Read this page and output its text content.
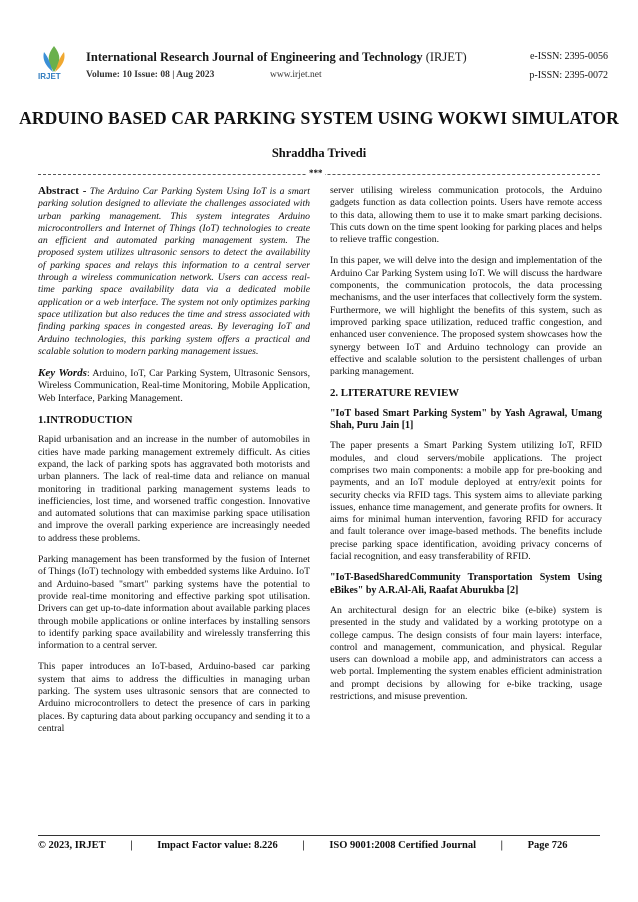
IRJET
International Research Journal of Engineering and Technology (IRJET)
Volume: 10 Issue: 08 | Aug 2023	www.irjet.net
e-ISSN: 2395-0056
p-ISSN: 2395-0072
ARDUINO BASED CAR PARKING SYSTEM USING WOKWI SIMULATOR
Shraddha Trivedi
***

Abstract - The Arduino Car Parking System Using IoT is a smart parking solution designed to alleviate the challenges associated with urban parking management. This system integrates Arduino microcontrollers and Internet of Things (IoT) technologies to create an efficient and automated parking management system. The proposed system utilizes ultrasonic sensors to detect the availability of parking spaces and relays this information to a central server through a wireless communication network. Users can access real-time parking space availability data via a dedicated mobile application or a web interface. The system not only optimizes parking space utilization but also reduces the time and stress associated with finding parking spaces in congested areas. By leveraging IoT and Arduino technologies, this parking system offers a practical and scalable solution to modern parking management issues.

Key Words: Arduino, IoT, Car Parking System, Ultrasonic Sensors, Wireless Communication, Real-time Monitoring, Mobile Application, Web Interface, Parking Management.

1.INTRODUCTION

Rapid urbanisation and an increase in the number of automobiles in cities have made parking management extremely difficult. As cities expand, the lack of parking spots has aggravated both motorists and urban planners. The lack of real-time data and reliance on manual monitoring in traditional parking management systems leads to inefficiencies, lost time, and worsened traffic congestion. Innovative and automated solutions that can maximise parking space utilisation and improve the overall parking experience are increasingly needed to address these problems.

Parking management has been transformed by the fusion of Internet of Things (IoT) technology with embedded systems like Arduino. IoT and Arduino-based "smart" parking systems have the potential to provide real-time monitoring and effective parking spot utilisation. Drivers can get up-to-date information about available parking places through mobile applications or online interfaces by installing sensors to identify parking space availability and wirelessly transferring this information to a central server.

This paper introduces an IoT-based, Arduino-based car parking system that aims to address the difficulties in managing urban parking. The system uses ultrasonic sensors that are connected to Arduino microcontrollers to detect the presence of cars in parking places. By capturing data about parking occupancy and sending it to a central

server utilising wireless communication protocols, the Arduino gadgets function as data collection points. Users have remote access to this data, allowing them to use it to make smart parking decisions. This cuts down on the time spent looking for parking places and helps to relieve traffic congestion.

In this paper, we will delve into the design and implementation of the Arduino Car Parking System using IoT. We will discuss the hardware components, the communication protocols, the data processing mechanisms, and the user interfaces that collectively form the system. Furthermore, we will highlight the benefits of this system, such as improved parking space utilization, reduced traffic congestion, and enhanced user convenience. The proposed system showcases how the synergy between IoT and Arduino technology can provide an effective and scalable solution to the persistent challenges of urban parking management.

2. LITERATURE REVIEW
"IoT based Smart Parking System" by Yash Agrawal, Umang Shah, Puru Jain [1]

The paper presents a Smart Parking System utilizing IoT, RFID modules, and cloud servers/mobile applications. The project comprises two main components: a mobile app for pre-booking and payments, and an IoT module deployed at entry/exit points for security checks via RFID tags. This system aims to alleviate parking issues, enhance time management, and generate profits for owners. It aims for minimal human intervention, favoring RFID for accuracy and fault tolerance over image-based methods. The benefits include precise parking space identification, avoiding privacy concerns of facial recognition, and easy transferability of RFID.

"IoT-BasedSharedCommunity Transportation System Using eBikes" by A.R.Al-Ali, Raafat Aburukba [2]

An architectural design for an electric bike (e-bike) system is presented in the study and validated by a working prototype on a college campus. The design consists of four main layers: interface, control and management, communication, and physical. Regular users can download a mobile app, and administrators can access a web portal. Implementing the system enables efficient administration and prompt decisions by allowing for e-bike tracking, usage restrictions, and misuse prevention.

© 2023, IRJET | Impact Factor value: 8.226 | ISO 9001:2008 Certified Journal | Page 726
